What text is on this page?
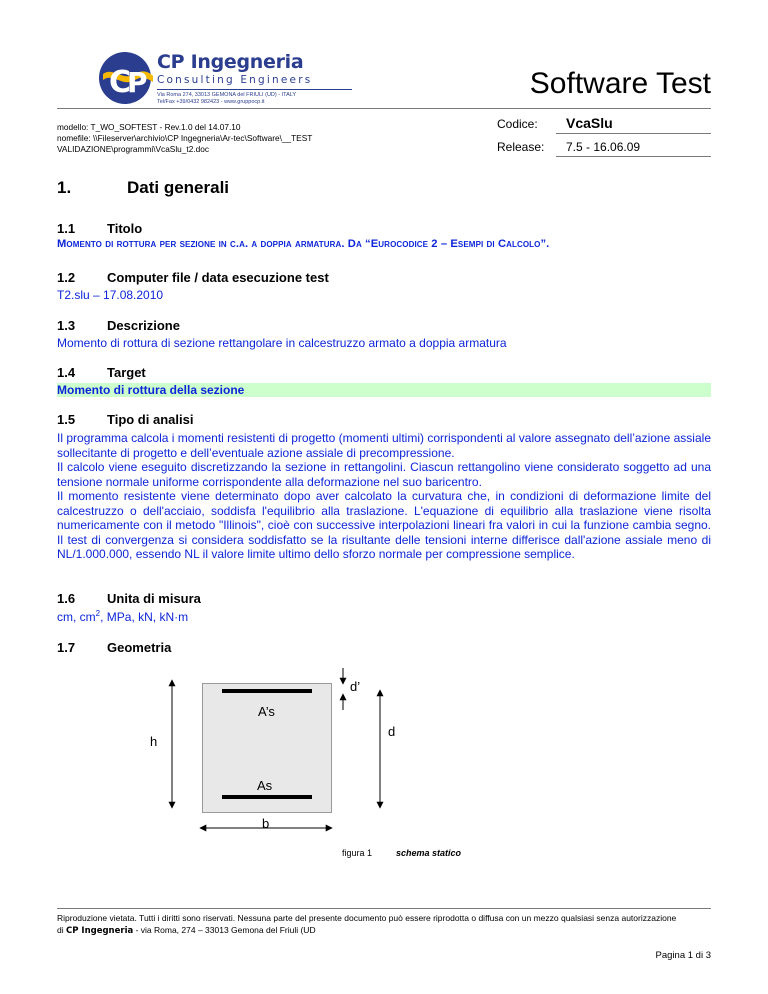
C
P
CP Ingegneria
Consulting Engineers
Via Roma 274, 33013 GEMONA del FRIULI (UD) - ITALY
Tel/Fax +39/0432 982423 - www.gruppocp.it
Software Test
modello: T_WO_SOFTEST - Rev.1.0 del 14.07.10
nomefile: \\Fileserver\archivio\CP Ingegneria\Ar-tec\Software\__TEST
VALIDAZIONE\programmi\VcaSlu_t2.doc
Codice: VcaSlu
Release: 7.5 - 16.06.09
1.	Dati generali
1.1 Titolo
Momento di rottura per sezione in c.a. a doppia armatura. Da “Eurocodice 2 – Esempi di Calcolo”.
1.2 Computer file / data esecuzione test
T2.slu – 17.08.2010
1.3 Descrizione
Momento di rottura di sezione rettangolare in calcestruzzo armato a doppia armatura
1.4 Target
Momento di rottura della sezione
1.5 Tipo di analisi

Il programma calcola i momenti resistenti di progetto (momenti ultimi) corrispondenti al valore assegnato dell’azione assiale sollecitante di progetto e dell’eventuale azione assiale di precompressione.

Il calcolo viene eseguito discretizzando la sezione in rettangolini. Ciascun rettangolino viene considerato soggetto ad una tensione normale uniforme corrispondente alla deformazione nel suo baricentro.

Il momento resistente viene determinato dopo aver calcolato la curvatura che, in condizioni di deformazione limite del calcestruzzo o dell'acciaio, soddisfa l'equilibrio alla traslazione. L'equazione di equilibrio alla traslazione viene risolta numericamente con il metodo "Illinois", cioè con successive interpolazioni lineari fra valori in cui la funzione cambia segno. Il test di convergenza si considera soddisfatto se la risultante delle tensioni interne differisce dall'azione assiale meno di NL/1.000.000, essendo NL il valore limite ultimo dello sforzo normale per compressione semplice.

1.6 Unita di misura
cm, $cm^2$, MPa, kN, kN·m
1.7 Geometria
h
d
d’
A’s
As
b
figura 1	schema statico
Riproduzione vietata. Tutti i diritti sono riservati. Nessuna parte del presente documento può essere riprodotta o diffusa con un mezzo qualsiasi senza autorizzazione
di CP Ingegneria - via Roma, 274 – 33013 Gemona del Friuli (UD
Pagina 1 di 3
